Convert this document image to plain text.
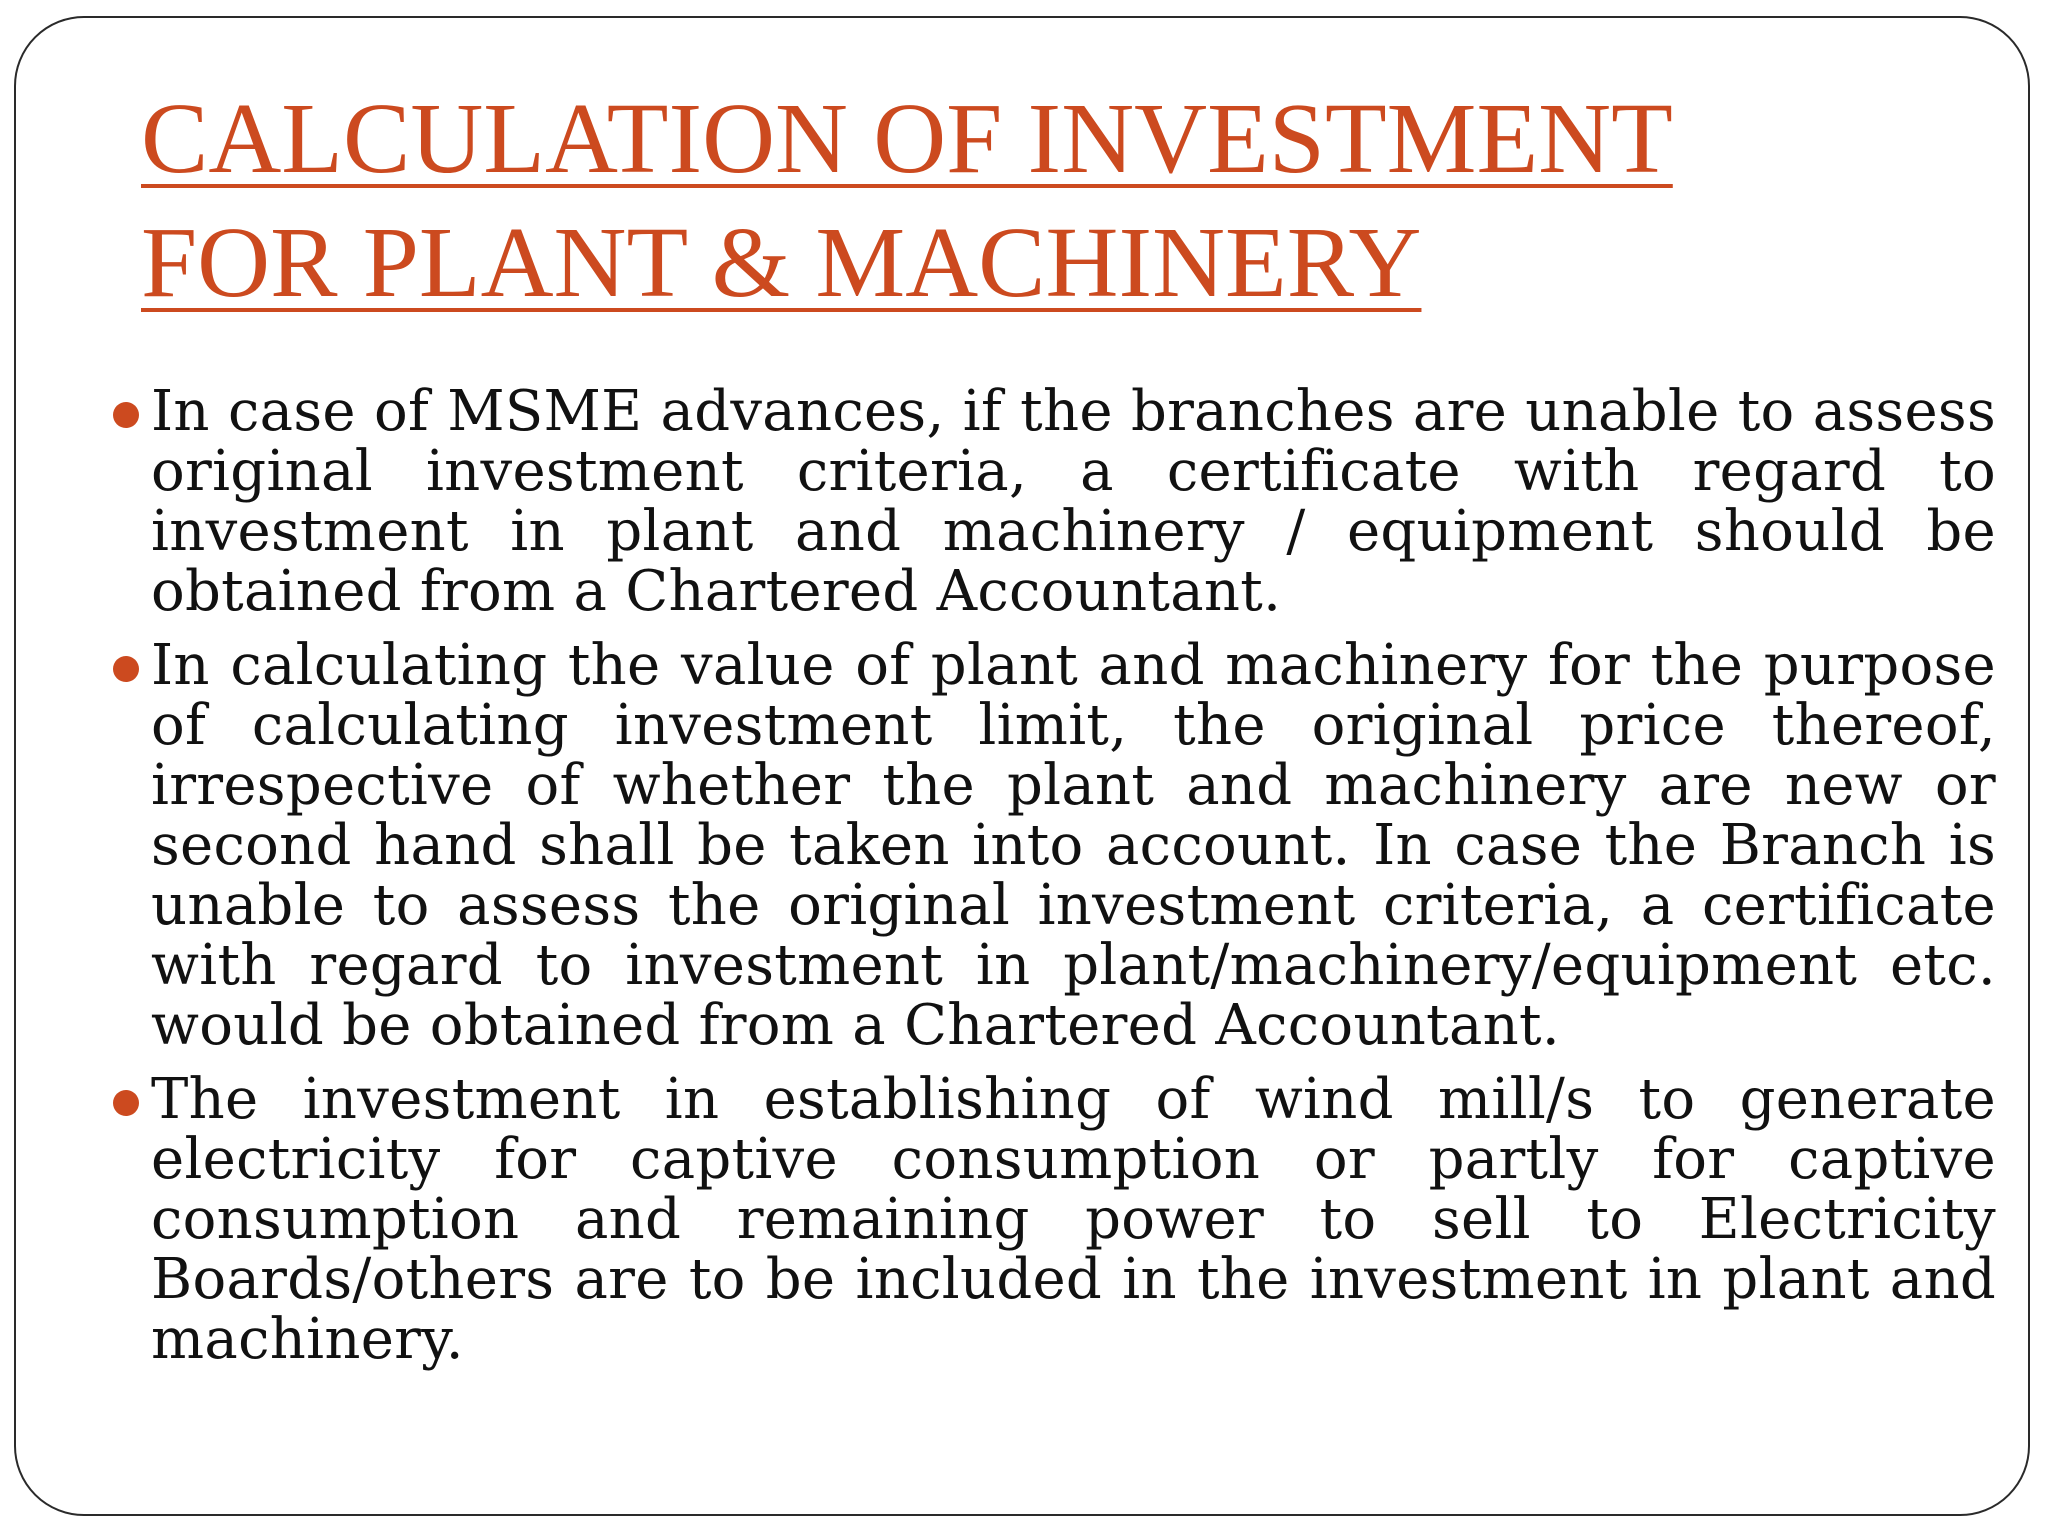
CALCULATION OF INVESTMENT
FOR PLANT & MACHINERY

In case of MSME advances, if the branches are unable to assess original investment criteria, a certificate with regard to investment in plant and machinery / equipment should be obtained from a Chartered Accountant.

In calculating the value of plant and machinery for the purpose of calculating investment limit, the original price thereof, irrespective of whether the plant and machinery are new or second hand shall be taken into account. In case the Branch is unable to assess the original investment criteria, a certificate with regard to investment in plant/machinery/equipment etc. would be obtained from a Chartered Accountant.

The investment in establishing of wind mill/s to generate electricity for captive consumption or partly for captive consumption and remaining power to sell to Electricity Boards/others are to be included in the investment in plant and machinery.
